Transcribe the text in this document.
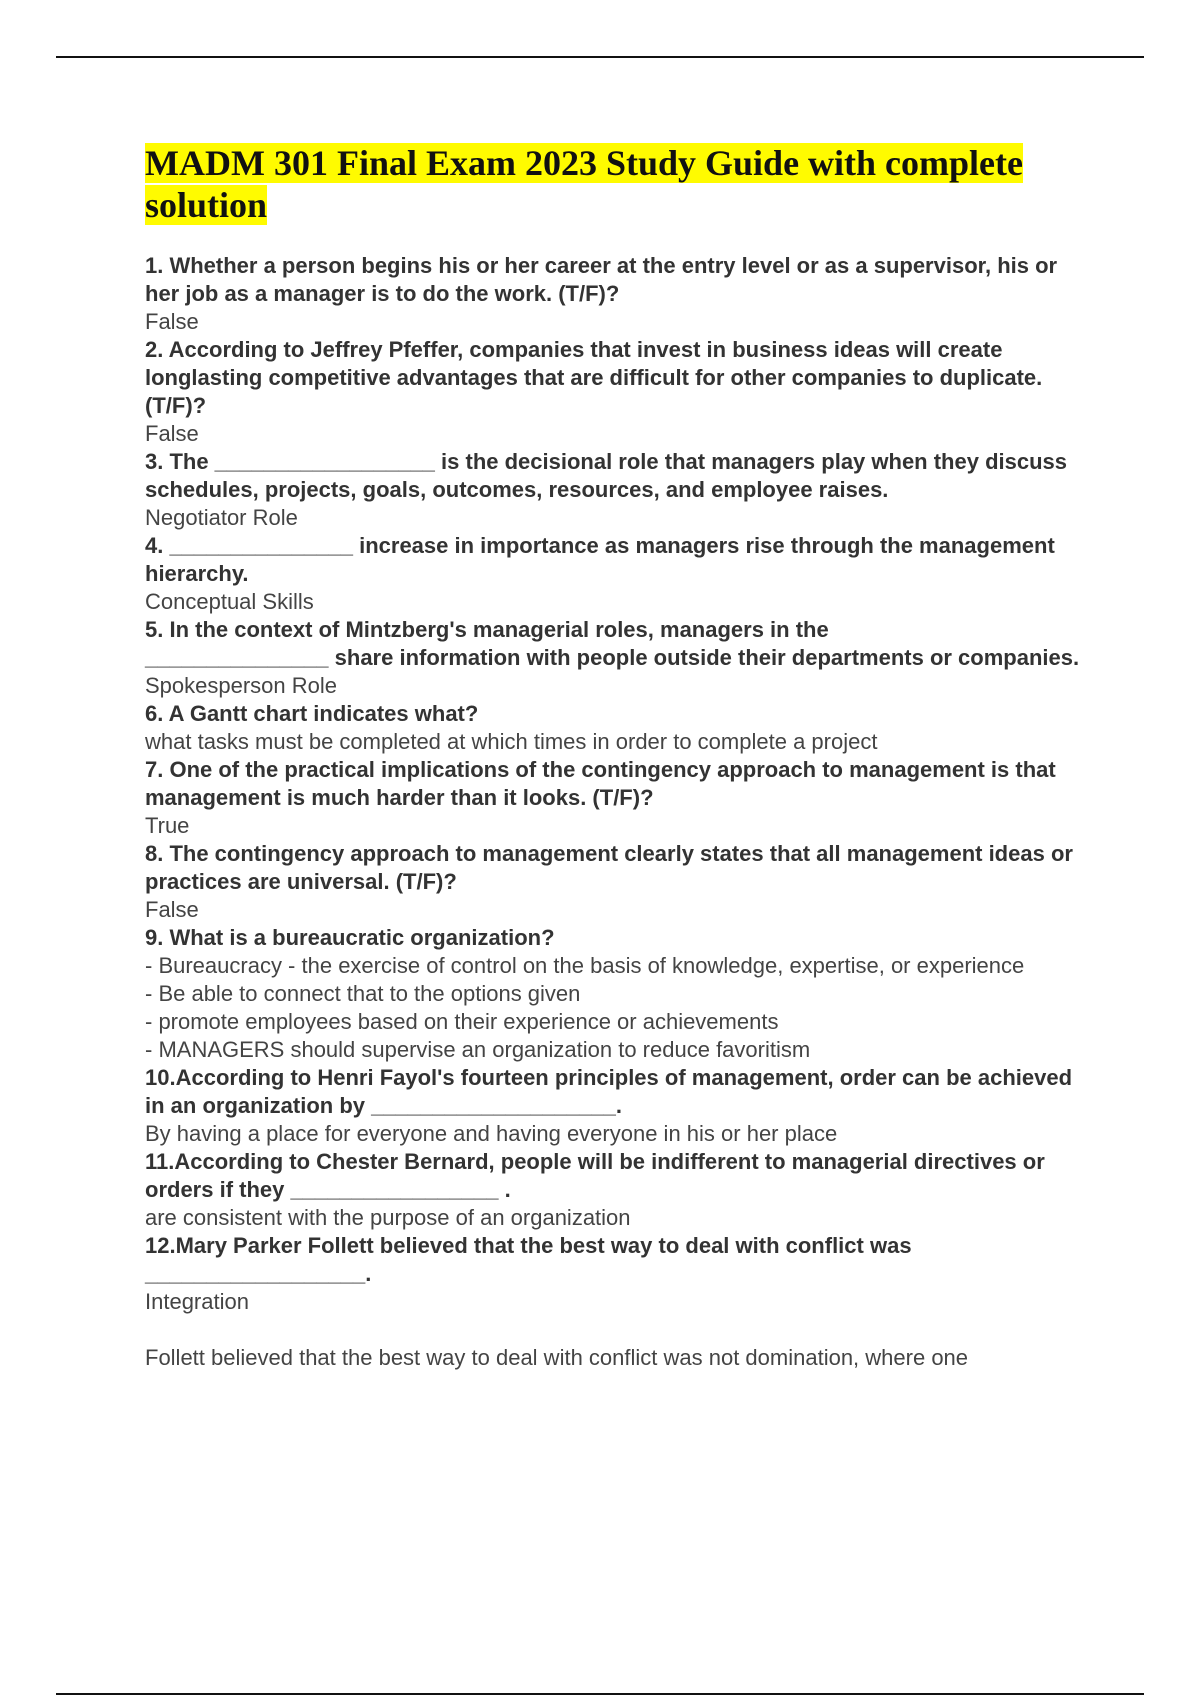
MADM 301 Final Exam 2023 Study Guide with complete solution

1. Whether a person begins his or her career at the entry level or as a supervisor, his or her job as a manager is to do the work. (T/F)?

False

2. According to Jeffrey Pfeffer, companies that invest in business ideas will create longlasting competitive advantages that are difficult for other companies to duplicate. (T/F)?

False

3. The __________________ is the decisional role that managers play when they discuss schedules, projects, goals, outcomes, resources, and employee raises.

Negotiator Role

4. _______________ increase in importance as managers rise through the management hierarchy.

Conceptual Skills

5. In the context of Mintzberg's managerial roles, managers in the
_______________ share information with people outside their departments or companies.

Spokesperson Role

6. A Gantt chart indicates what?

what tasks must be completed at which times in order to complete a project

7. One of the practical implications of the contingency approach to management is that management is much harder than it looks. (T/F)?

True

8. The contingency approach to management clearly states that all management ideas or practices are universal. (T/F)?

False

9. What is a bureaucratic organization?

- Bureaucracy - the exercise of control on the basis of knowledge, expertise, or experience
- Be able to connect that to the options given
- promote employees based on their experience or achievements
- MANAGERS should supervise an organization to reduce favoritism

10.According to Henri Fayol's fourteen principles of management, order can be achieved in an organization by ____________________.

By having a place for everyone and having everyone in his or her place

11.According to Chester Bernard, people will be indifferent to managerial directives or orders if they _________________ .

are consistent with the purpose of an organization

12.Mary Parker Follett believed that the best way to deal with conflict was
__________________.

Integration

Follett believed that the best way to deal with conflict was not domination, where one
